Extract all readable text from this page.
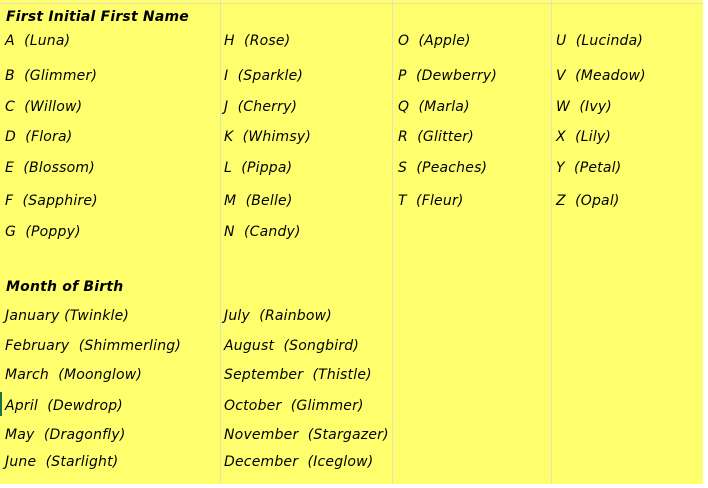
First Initial First Name
A  (Luna)	H  (Rose)	O  (Apple)	U  (Lucinda)
B  (Glimmer)	I  (Sparkle)	P  (Dewberry)	V  (Meadow)
C  (Willow)	J  (Cherry)	Q  (Marla)	W  (Ivy)
D  (Flora)	K  (Whimsy)	R  (Glitter)	X  (Lily)
E  (Blossom)	L  (Pippa)	S  (Peaches)	Y  (Petal)
F  (Sapphire)	M  (Belle)	T  (Fleur)	Z  (Opal)
G  (Poppy)	N  (Candy)
Month of Birth
January (Twinkle)	July  (Rainbow)
February  (Shimmerling)	August  (Songbird)
March  (Moonglow)	September  (Thistle)
April  (Dewdrop)	October  (Glimmer)
May  (Dragonfly)	November  (Stargazer)
June  (Starlight)	December  (Iceglow)
